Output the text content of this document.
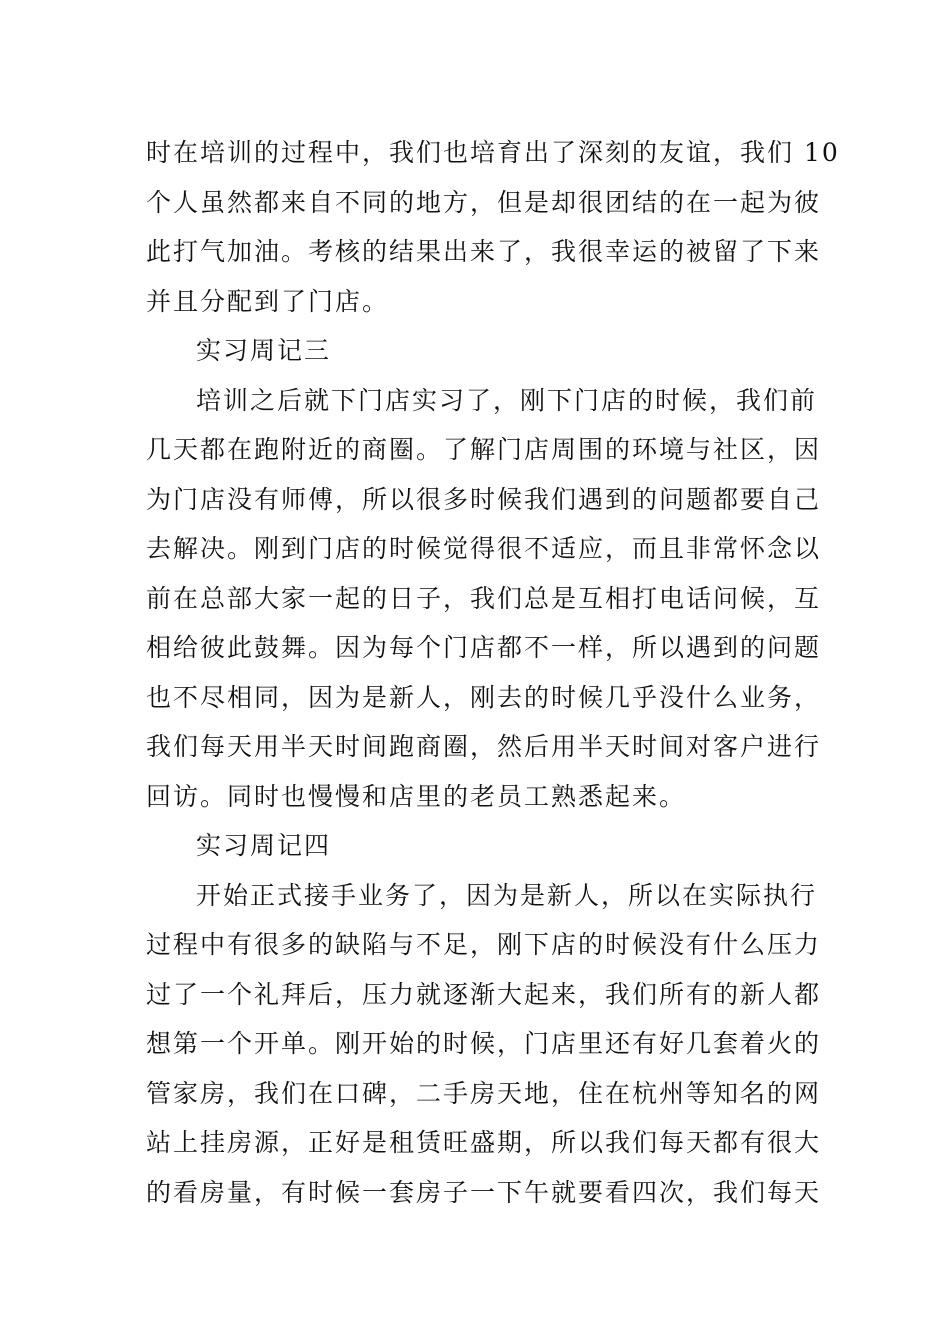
时在培训的过程中，我们也培育出了深刻的友谊，我们 10
个人虽然都来自不同的地方，但是却很团结的在一起为彼
此打气加油。考核的结果出来了，我很幸运的被留了下来
并且分配到了门店。
实习周记三
培训之后就下门店实习了，刚下门店的时候，我们前
几天都在跑附近的商圈。了解门店周围的环境与社区，因
为门店没有师傅，所以很多时候我们遇到的问题都要自己
去解决。刚到门店的时候觉得很不适应，而且非常怀念以
前在总部大家一起的日子，我们总是互相打电话问候，互
相给彼此鼓舞。因为每个门店都不一样，所以遇到的问题
也不尽相同，因为是新人，刚去的时候几乎没什么业务，
我们每天用半天时间跑商圈，然后用半天时间对客户进行
回访。同时也慢慢和店里的老员工熟悉起来。
实习周记四
开始正式接手业务了，因为是新人，所以在实际执行
过程中有很多的缺陷与不足，刚下店的时候没有什么压力
过了一个礼拜后，压力就逐渐大起来，我们所有的新人都
想第一个开单。刚开始的时候，门店里还有好几套着火的
管家房，我们在口碑，二手房天地，住在杭州等知名的网
站上挂房源，正好是租赁旺盛期，所以我们每天都有很大
的看房量，有时候一套房子一下午就要看四次，我们每天
